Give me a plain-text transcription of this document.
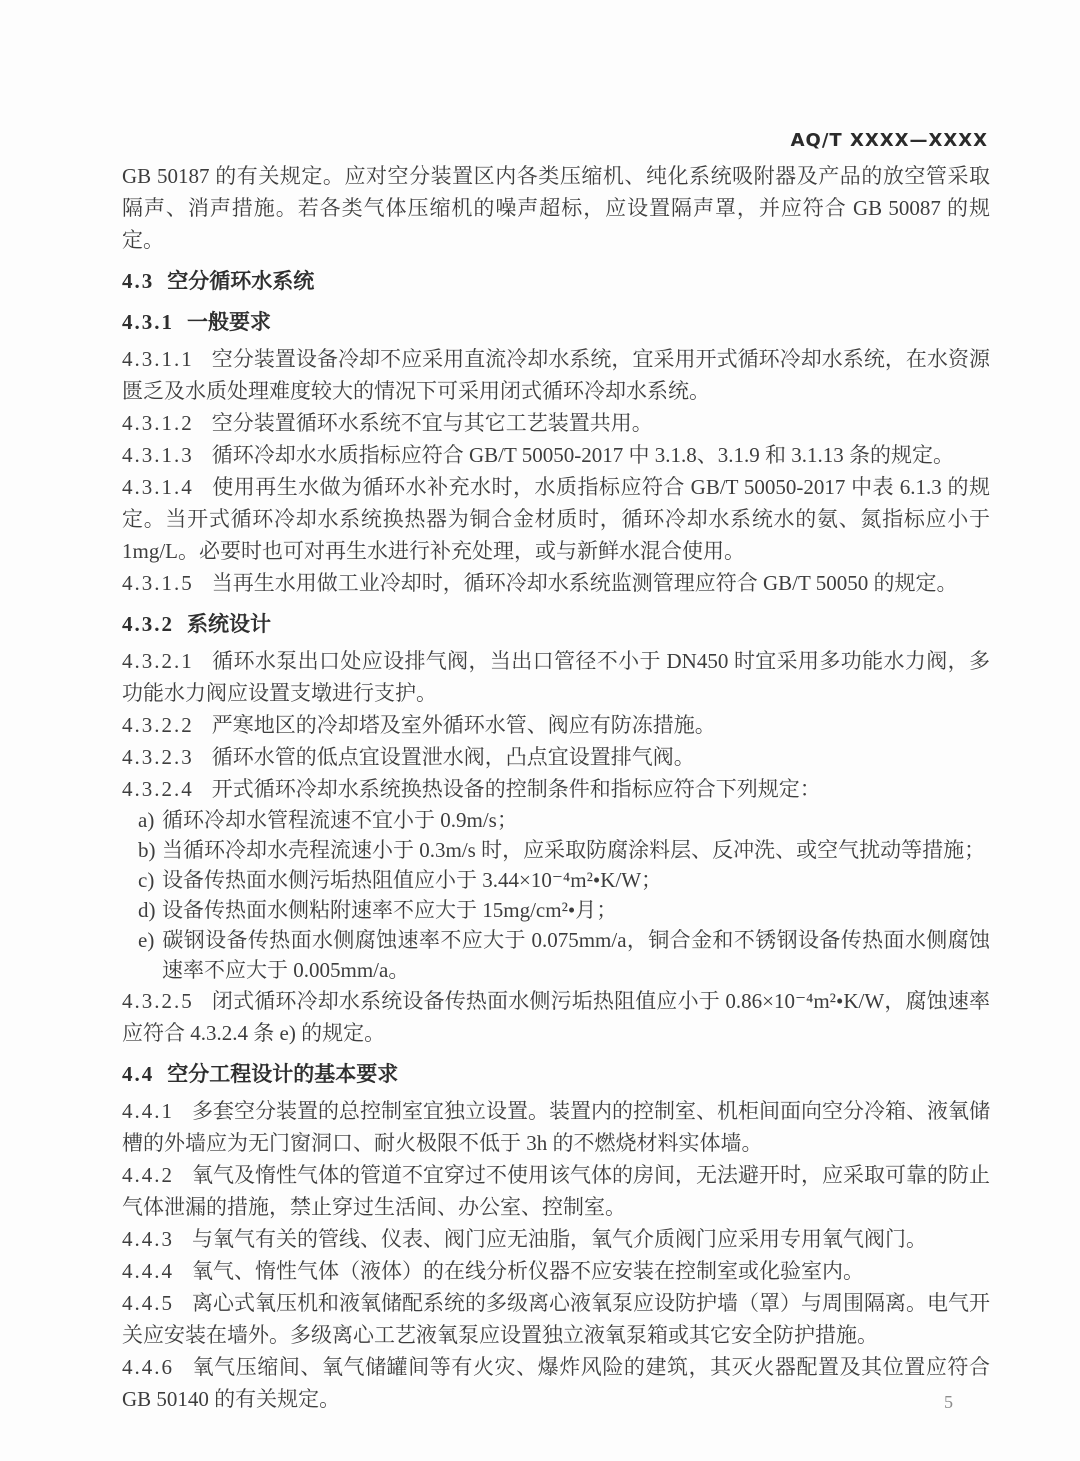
AQ/T XXXX—XXXX

GB 50187 的有关规定。应对空分装置区内各类压缩机、纯化系统吸附器及产品的放空管采取隔声、消声措施。若各类气体压缩机的噪声超标，应设置隔声罩，并应符合 GB 50087 的规定。

4.3 空分循环水系统

4.3.1 一般要求

4.3.1.1 空分装置设备冷却不应采用直流冷却水系统，宜采用开式循环冷却水系统，在水资源匮乏及水质处理难度较大的情况下可采用闭式循环冷却水系统。

4.3.1.2 空分装置循环水系统不宜与其它工艺装置共用。

4.3.1.3 循环冷却水水质指标应符合 GB/T 50050-2017 中 3.1.8、3.1.9 和 3.1.13 条的规定。

4.3.1.4 使用再生水做为循环水补充水时，水质指标应符合 GB/T 50050-2017 中表 6.1.3 的规定。当开式循环冷却水系统换热器为铜合金材质时，循环冷却水系统水的氨、氮指标应小于 1mg/L。必要时也可对再生水进行补充处理，或与新鲜水混合使用。

4.3.1.5 当再生水用做工业冷却时，循环冷却水系统监测管理应符合 GB/T 50050 的规定。

4.3.2 系统设计

4.3.2.1 循环水泵出口处应设排气阀，当出口管径不小于 DN450 时宜采用多功能水力阀，多功能水力阀应设置支墩进行支护。

4.3.2.2 严寒地区的冷却塔及室外循环水管、阀应有防冻措施。

4.3.2.3 循环水管的低点宜设置泄水阀，凸点宜设置排气阀。

4.3.2.4 开式循环冷却水系统换热设备的控制条件和指标应符合下列规定：

a) 循环冷却水管程流速不宜小于 0.9m/s；

b) 当循环冷却水壳程流速小于 0.3m/s 时，应采取防腐涂料层、反冲洗、或空气扰动等措施；

c) 设备传热面水侧污垢热阻值应小于 3.44×10⁻⁴m²•K/W；

d) 设备传热面水侧粘附速率不应大于 15mg/cm²•月；

e) 碳钢设备传热面水侧腐蚀速率不应大于 0.075mm/a，铜合金和不锈钢设备传热面水侧腐蚀速率不应大于 0.005mm/a。

4.3.2.5 闭式循环冷却水系统设备传热面水侧污垢热阻值应小于 0.86×10⁻⁴m²•K/W，腐蚀速率应符合 4.3.2.4 条 e) 的规定。

4.4 空分工程设计的基本要求

4.4.1 多套空分装置的总控制室宜独立设置。装置内的控制室、机柜间面向空分冷箱、液氧储槽的外墙应为无门窗洞口、耐火极限不低于 3h 的不燃烧材料实体墙。

4.4.2 氧气及惰性气体的管道不宜穿过不使用该气体的房间，无法避开时，应采取可靠的防止气体泄漏的措施，禁止穿过生活间、办公室、控制室。

4.4.3 与氧气有关的管线、仪表、阀门应无油脂，氧气介质阀门应采用专用氧气阀门。

4.4.4 氧气、惰性气体（液体）的在线分析仪器不应安装在控制室或化验室内。

4.4.5 离心式氧压机和液氧储配系统的多级离心液氧泵应设防护墙（罩）与周围隔离。电气开关应安装在墙外。多级离心工艺液氧泵应设置独立液氧泵箱或其它安全防护措施。

4.4.6 氧气压缩间、氧气储罐间等有火灾、爆炸风险的建筑，其灭火器配置及其位置应符合 GB 50140 的有关规定。	5
